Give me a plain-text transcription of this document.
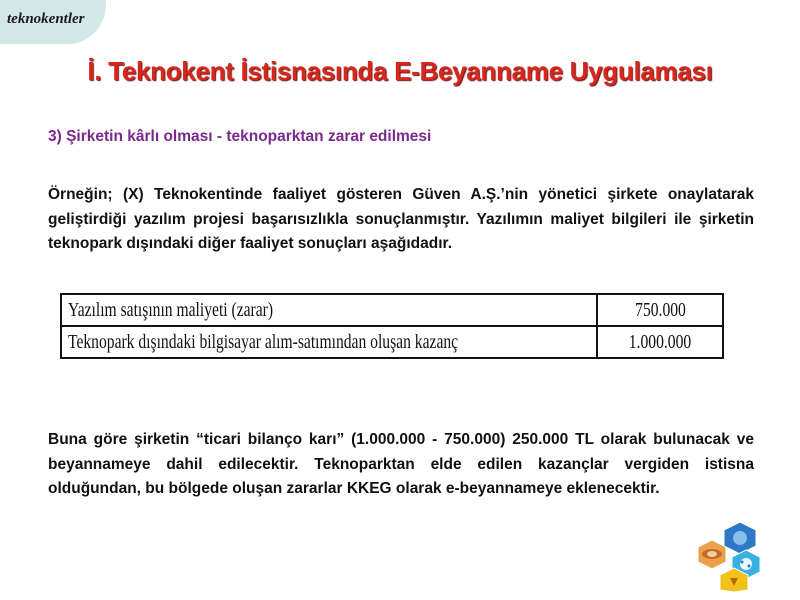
teknokentler
İ. Teknokent İstisnasında E-Beyanname Uygulaması
3) Şirketin kârlı olması - teknoparktan zarar edilmesi
Örneğin; (X) Teknokentinde faaliyet gösteren Güven A.Ş.’nin yönetici şirkete onaylatarak geliştirdiği yazılım projesi başarısızlıkla sonuçlanmıştır. Yazılımın maliyet bilgileri ile şirketin teknopark dışındaki diğer faaliyet sonuçları aşağıdadır.
Yazılım satışının maliyeti (zarar)	750.000
Teknopark dışındaki bilgisayar alım-satımından oluşan kazanç	1.000.000
Buna göre şirketin “ticari bilanço karı” (1.000.000 - 750.000) 250.000 TL olarak bulunacak ve beyannameye dahil edilecektir. Teknoparktan elde edilen kazançlar vergiden istisna olduğundan, bu bölgede oluşan zararlar KKEG olarak e-beyannameye eklenecektir.
